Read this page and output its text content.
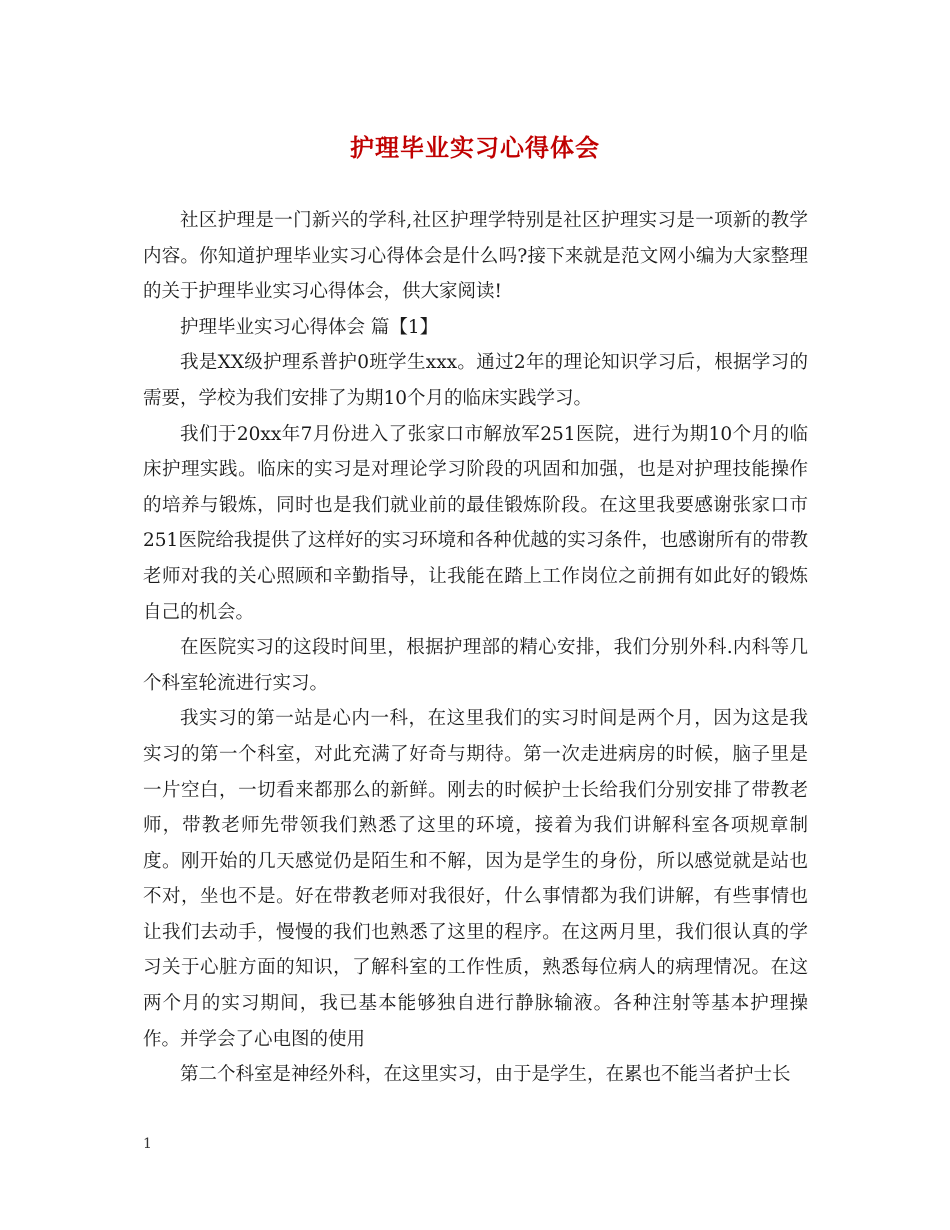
护理毕业实习心得体会

社区护理是一门新兴的学科,社区护理学特别是社区护理实习是一项新的教学内容。你知道护理毕业实习心得体会是什么吗?接下来就是范文网小编为大家整理的关于护理毕业实习心得体会，供大家阅读!

护理毕业实习心得体会 篇【1】

我是XX级护理系普护0班学生xxx。通过2年的理论知识学习后，根据学习的需要，学校为我们安排了为期10个月的临床实践学习。

我们于20xx年7月份进入了张家口市解放军251医院，进行为期10个月的临床护理实践。临床的实习是对理论学习阶段的巩固和加强，也是对护理技能操作的培养与锻炼，同时也是我们就业前的最佳锻炼阶段。在这里我要感谢张家口市251医院给我提供了这样好的实习环境和各种优越的实习条件，也感谢所有的带教老师对我的关心照顾和辛勤指导，让我能在踏上工作岗位之前拥有如此好的锻炼自己的机会。

在医院实习的这段时间里，根据护理部的精心安排，我们分别外科.内科等几个科室轮流进行实习。

我实习的第一站是心内一科，在这里我们的实习时间是两个月，因为这是我实习的第一个科室，对此充满了好奇与期待。第一次走进病房的时候，脑子里是一片空白，一切看来都那么的新鲜。刚去的时候护士长给我们分别安排了带教老师，带教老师先带领我们熟悉了这里的环境，接着为我们讲解科室各项规章制度。刚开始的几天感觉仍是陌生和不解，因为是学生的身份，所以感觉就是站也不对，坐也不是。好在带教老师对我很好，什么事情都为我们讲解，有些事情也让我们去动手，慢慢的我们也熟悉了这里的程序。在这两月里，我们很认真的学习关于心脏方面的知识，了解科室的工作性质，熟悉每位病人的病理情况。在这两个月的实习期间，我已基本能够独自进行静脉输液。各种注射等基本护理操作。并学会了心电图的使用

第二个科室是神经外科，在这里实习，由于是学生，在累也不能当者护士长

1
